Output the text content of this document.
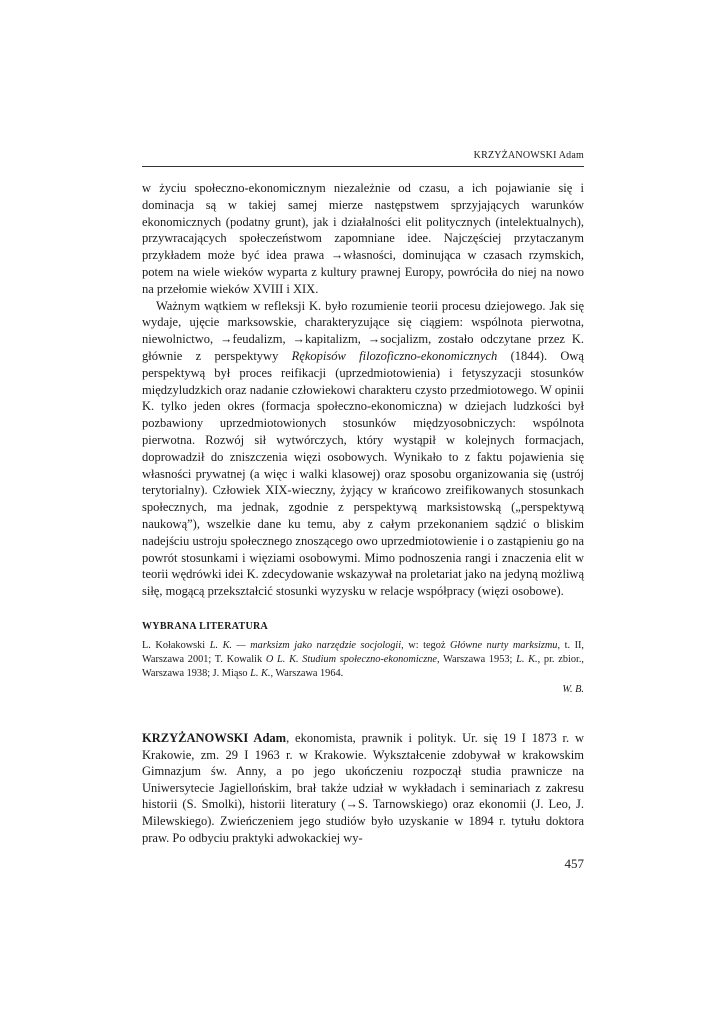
KRZYŻANOWSKI Adam

w życiu społeczno-ekonomicznym niezależnie od czasu, a ich pojawianie się i dominacja są w takiej samej mierze następstwem sprzyjających warunków ekonomicznych (podatny grunt), jak i działalności elit politycznych (intelektualnych), przywracających społeczeństwom zapomniane idee. Najczęściej przytaczanym przykładem może być idea prawa →własności, dominująca w czasach rzymskich, potem na wiele wieków wyparta z kultury prawnej Europy, powróciła do niej na nowo na przełomie wieków XVIII i XIX.

Ważnym wątkiem w refleksji K. było rozumienie teorii procesu dziejowego. Jak się wydaje, ujęcie marksowskie, charakteryzujące się ciągiem: wspólnota pierwotna, niewolnictwo, →feudalizm, →kapitalizm, →socjalizm, zostało odczytane przez K. głównie z perspektywy Rękopisów filozoficzno-ekonomicznych (1844). Ową perspektywą był proces reifikacji (uprzedmiotowienia) i fetyszyzacji stosunków międzyludzkich oraz nadanie człowiekowi charakteru czysto przedmiotowego. W opinii K. tylko jeden okres (formacja społeczno-ekonomiczna) w dziejach ludzkości był pozbawiony uprzedmiotowionych stosunków międzyosobniczych: wspólnota pierwotna. Rozwój sił wytwórczych, który wystąpił w kolejnych formacjach, doprowadził do zniszczenia więzi osobowych. Wynikało to z faktu pojawienia się własności prywatnej (a więc i walki klasowej) oraz sposobu organizowania się (ustrój terytorialny). Człowiek XIX-wieczny, żyjący w krańcowo zreifikowanych stosunkach społecznych, ma jednak, zgodnie z perspektywą marksistowską („perspektywą naukową”), wszelkie dane ku temu, aby z całym przekonaniem sądzić o bliskim nadejściu ustroju społecznego znoszącego owo uprzedmiotowienie i o zastąpieniu go na powrót stosunkami i więziami osobowymi. Mimo podnoszenia rangi i znaczenia elit w teorii wędrówki idei K. zdecydowanie wskazywał na proletariat jako na jedyną możliwą siłę, mogącą przekształcić stosunki wyzysku w relacje współpracy (więzi osobowe).

WYBRANA LITERATURA

L. Kołakowski L. K. — marksizm jako narzędzie socjologii, w: tegoż Główne nurty marksizmu, t. II, Warszawa 2001; T. Kowalik O L. K. Studium społeczno-ekonomiczne, Warszawa 1953; L. K., pr. zbior., Warszawa 1938; J. Miąso L. K., Warszawa 1964.

W. B.

KRZYŻANOWSKI Adam, ekonomista, prawnik i polityk. Ur. się 19 I 1873 r. w Krakowie, zm. 29 I 1963 r. w Krakowie. Wykształcenie zdobywał w krakowskim Gimnazjum św. Anny, a po jego ukończeniu rozpoczął studia prawnicze na Uniwersytecie Jagiellońskim, brał także udział w wykładach i seminariach z zakresu historii (S. Smolki), historii literatury (→S. Tarnowskiego) oraz ekonomii (J. Leo, J. Milewskiego). Zwieńczeniem jego studiów było uzyskanie w 1894 r. tytułu doktora praw. Po odbyciu praktyki adwokackiej wy-

457
